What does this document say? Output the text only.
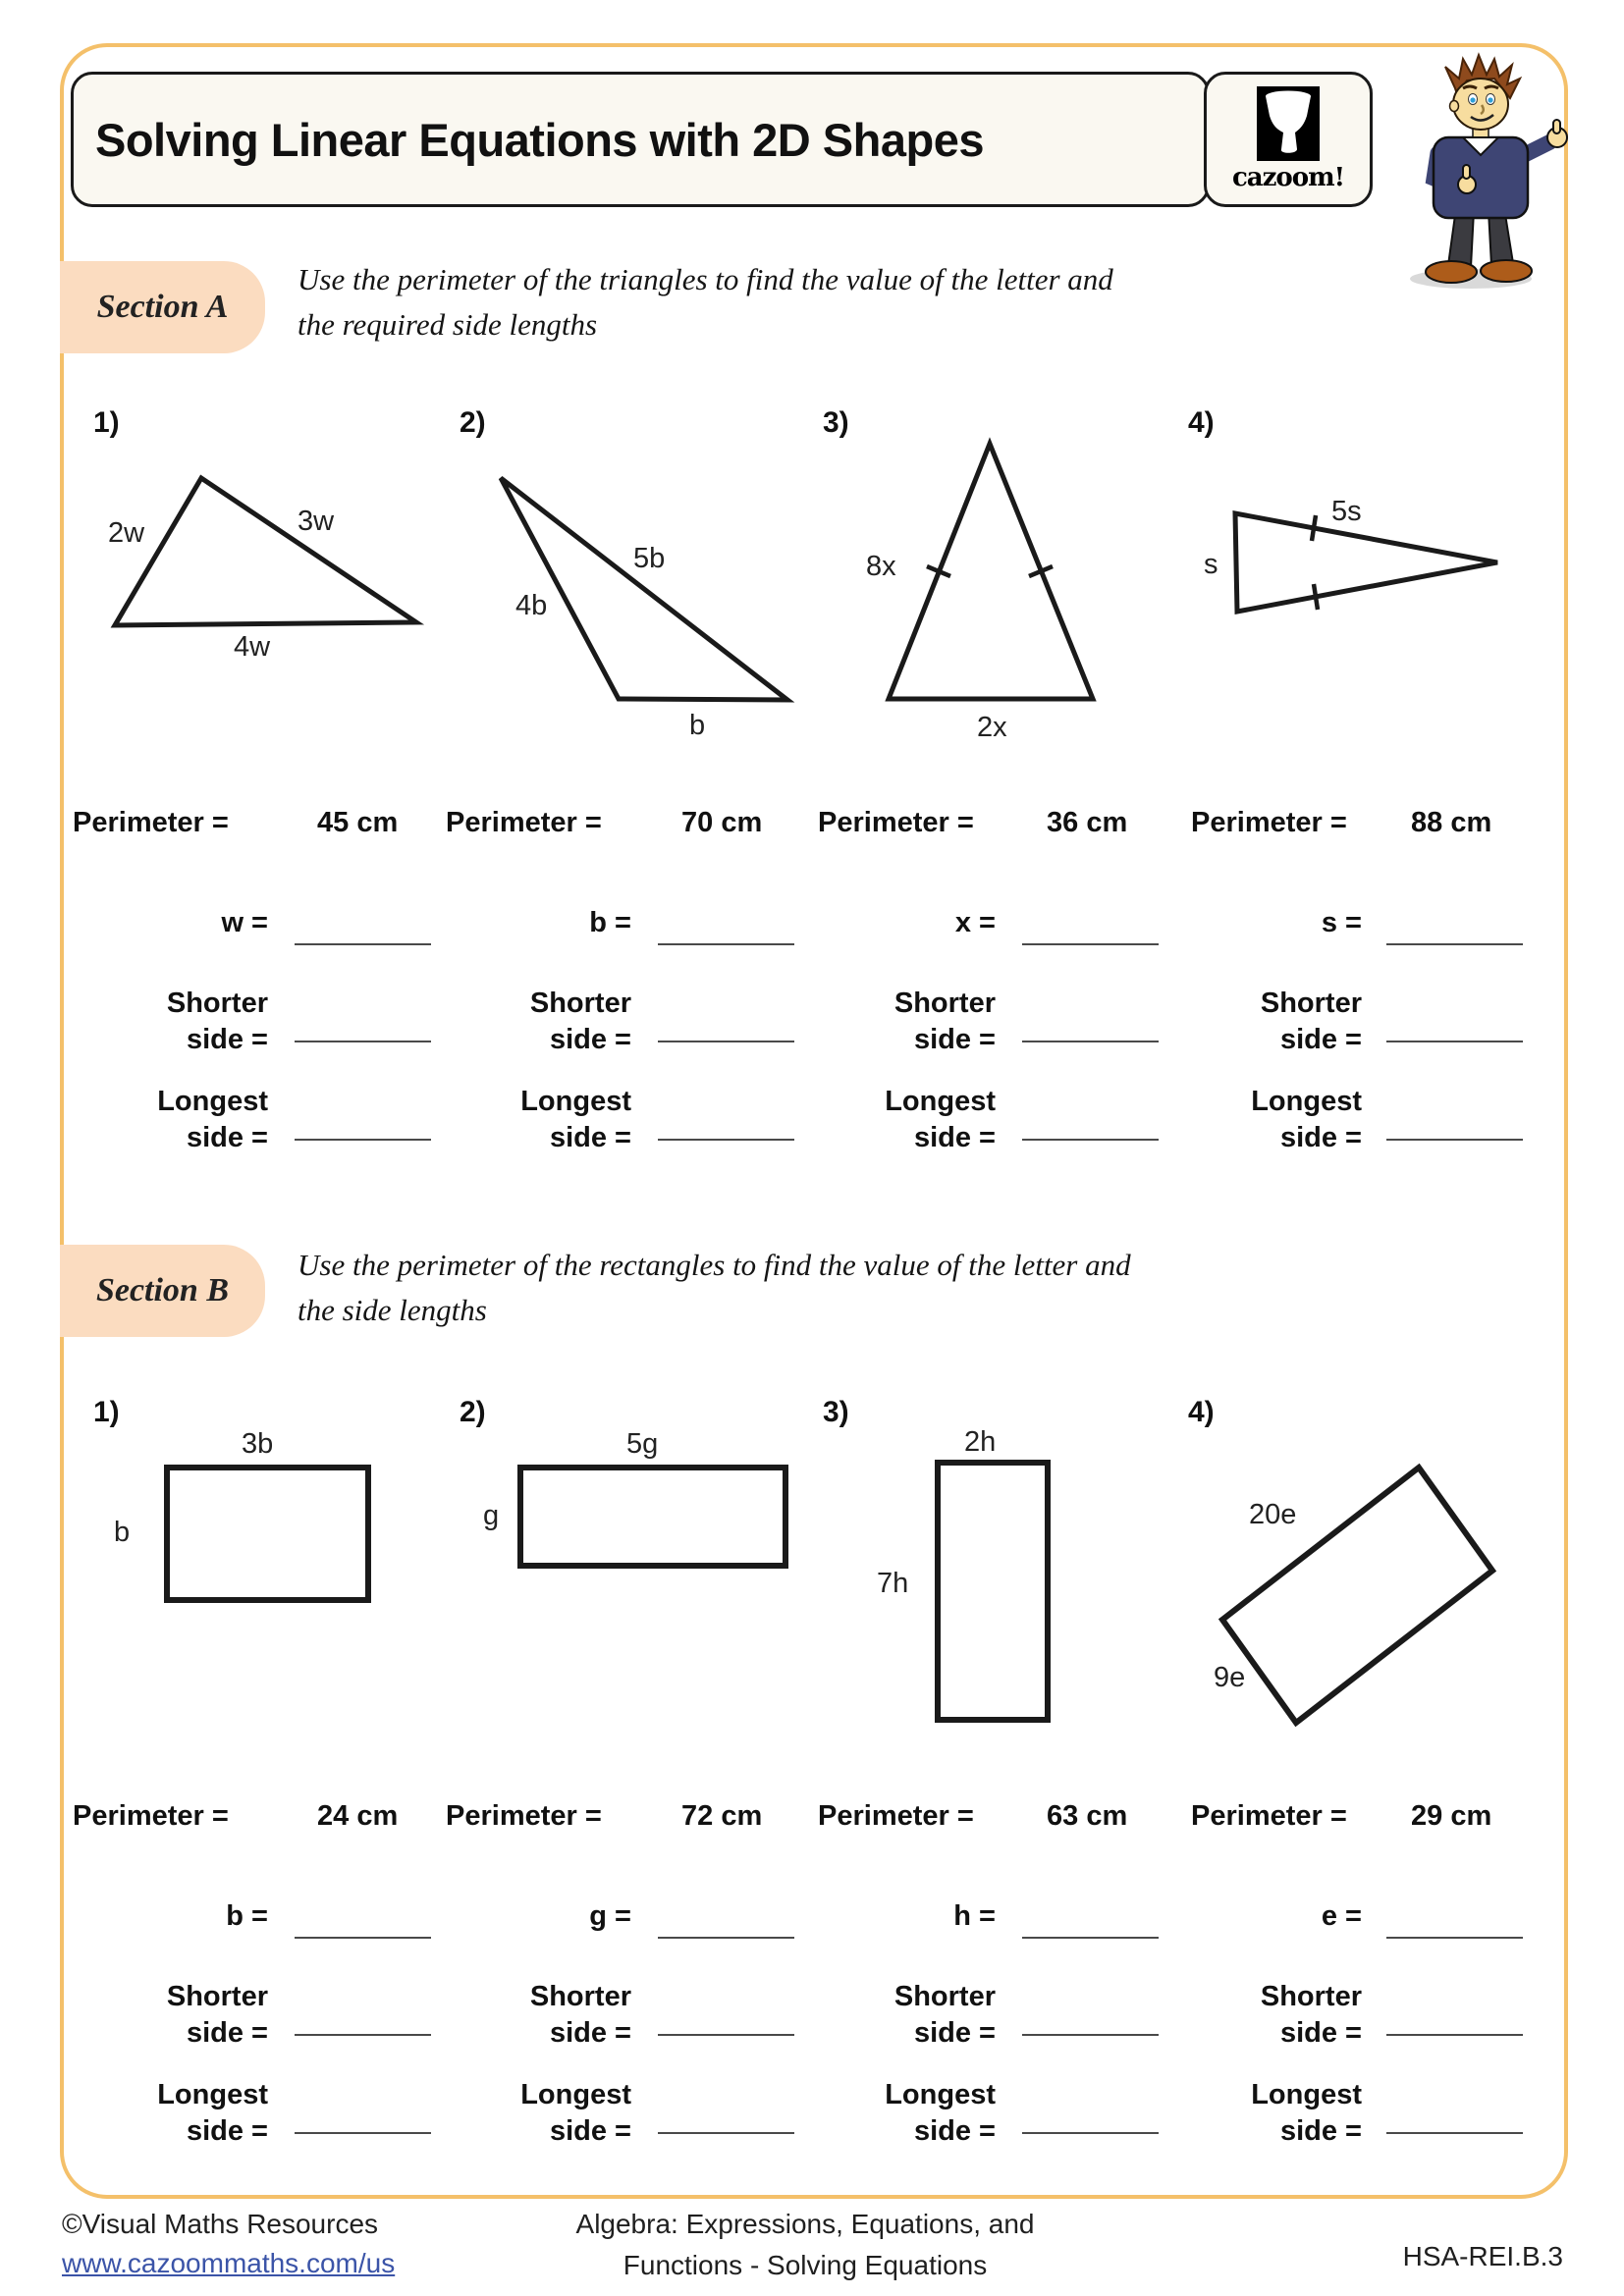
Solving Linear Equations with 2D Shapes
cazoom!
Section A
Use the perimeter of the triangles to find the value of the letter and
the required side lengths
Section B
Use the perimeter of the rectangles to find the value of the letter and
the side lengths
1)	2)	3)	4)
1)	2)	3)	4)
2w	3w
4w
5b
4b
b
8x
2x
s
5s
3b
b
5g
g
2h
7h
20e
9e
Perimeter =	45 cm Perimeter =	70 cm Perimeter =	36 cm Perimeter = 88 cm
w =	b =	x =	s =
Shorter
side =
Shorter
side =
Shorter
side =
Shorter
side =
Longest
side =
Longest
side =
Longest
side =
Longest
side =
Perimeter =	24 cm Perimeter =	72 cm Perimeter =	63 cm Perimeter = 29 cm
b =	g =	h =	e =
Shorter
side =
Shorter
side =
Shorter
side =
Shorter
side =
Longest
side =
Longest
side =
Longest
side =
Longest
side =
©Visual Maths Resources
www.cazoommaths.com/us
Algebra: Expressions, Equations, and
Functions - Solving Equations	HSA-REI.B.3
